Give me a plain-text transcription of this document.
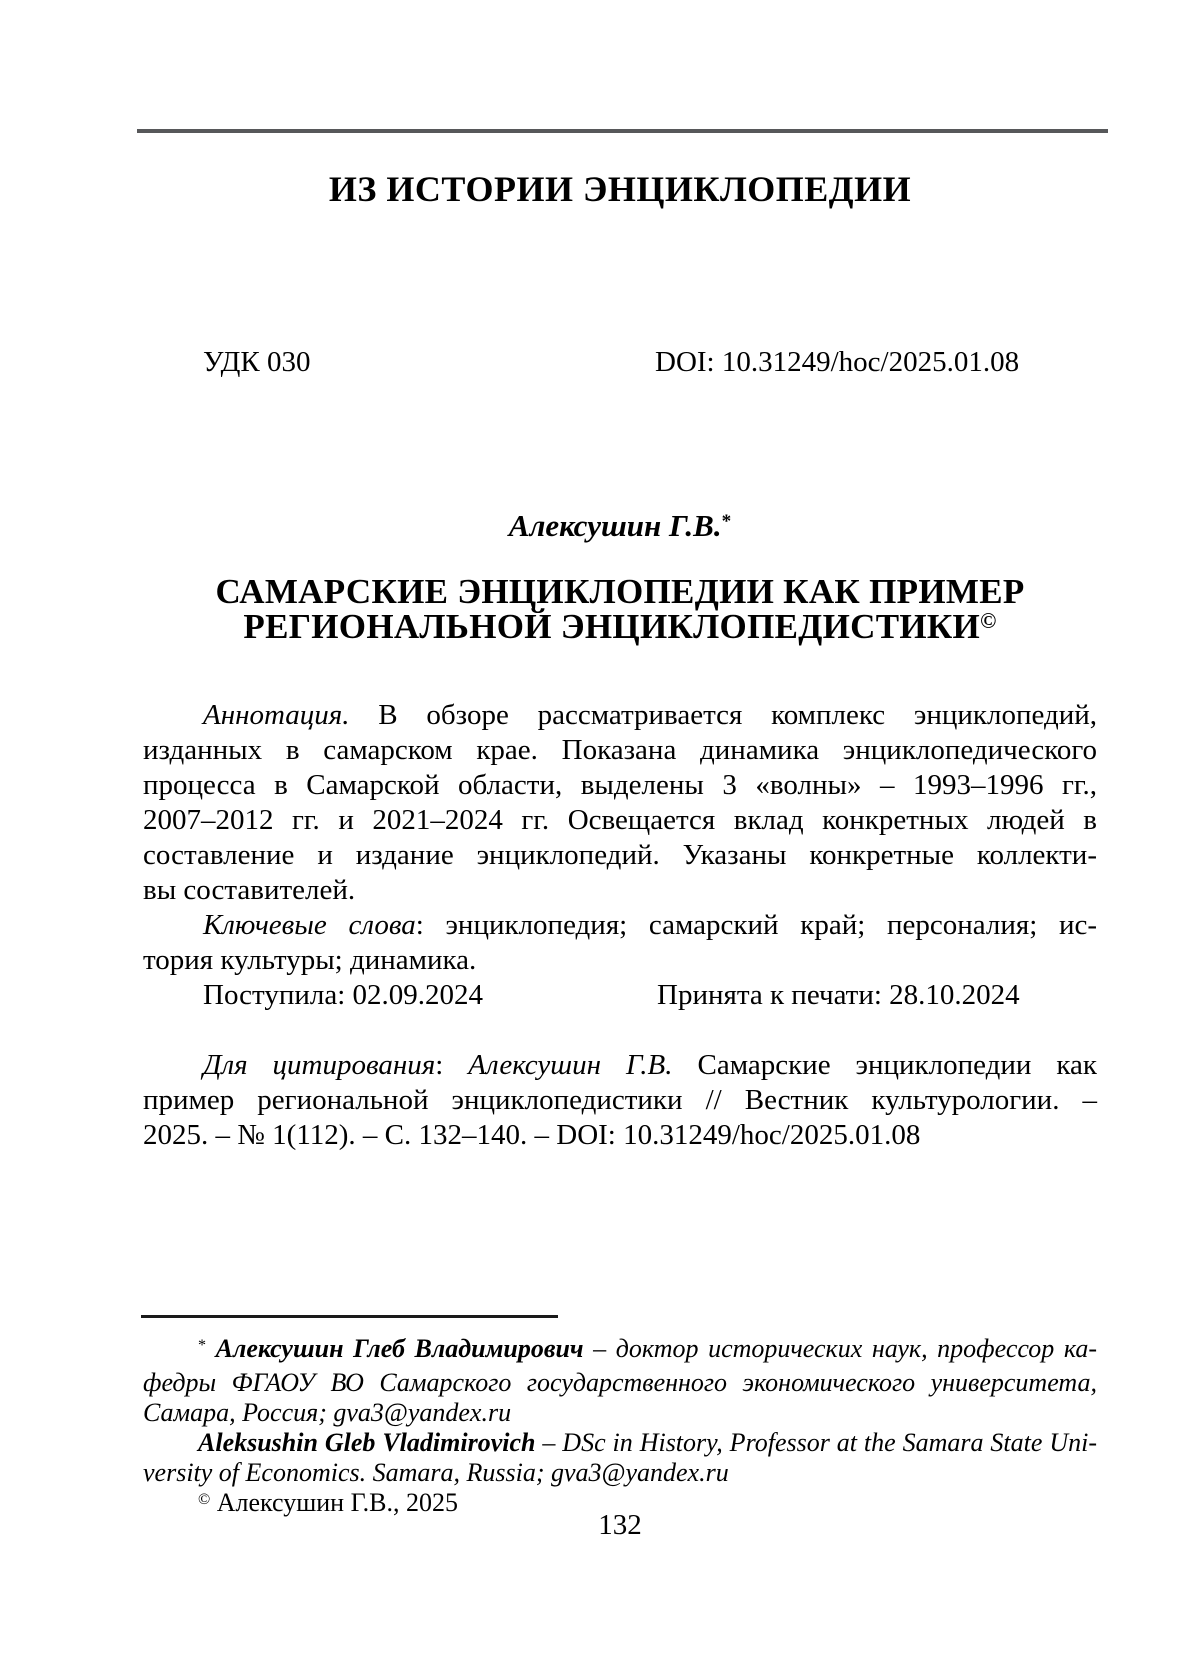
ИЗ ИСТОРИИ ЭНЦИКЛОПЕДИИ
УДК 030	DOI: 10.31249/hoc/2025.01.08
Алексушин Г.В.*
САМАРСКИЕ ЭНЦИКЛОПЕДИИ КАК ПРИМЕР
РЕГИОНАЛЬНОЙ ЭНЦИКЛОПЕДИСТИКИ©
Аннотация. В обзоре рассматривается комплекс энциклопедий,
изданных в самарском крае. Показана динамика энциклопедического
процесса в Самарской области, выделены 3 «волны» – 1993–1996 гг.,
2007–2012 гг. и 2021–2024 гг. Освещается вклад конкретных людей в
составление и издание энциклопедий. Указаны конкретные коллекти-
вы составителей.
Ключевые слова: энциклопедия; самарский край; персоналия; ис-
тория культуры; динамика.
Поступила: 02.09.2024	Принята к печати: 28.10.2024
Для цитирования: Алексушин Г.В. Самарские энциклопедии как
пример региональной энциклопедистики // Вестник культурологии. –
2025. – № 1(112). – С. 132–140. – DOI: 10.31249/hoc/2025.01.08
* Алексушин Глеб Владимирович – доктор исторических наук, профессор ка-
федры ФГАОУ ВО Самарского государственного экономического университета,
Самара, Россия; gva3@yandex.ru
Aleksushin Gleb Vladimirovich – DSc in History, Professor at the Samara State Uni-
versity of Economics. Samara, Russia; gva3@yandex.ru
© Алексушин Г.В., 2025
132
